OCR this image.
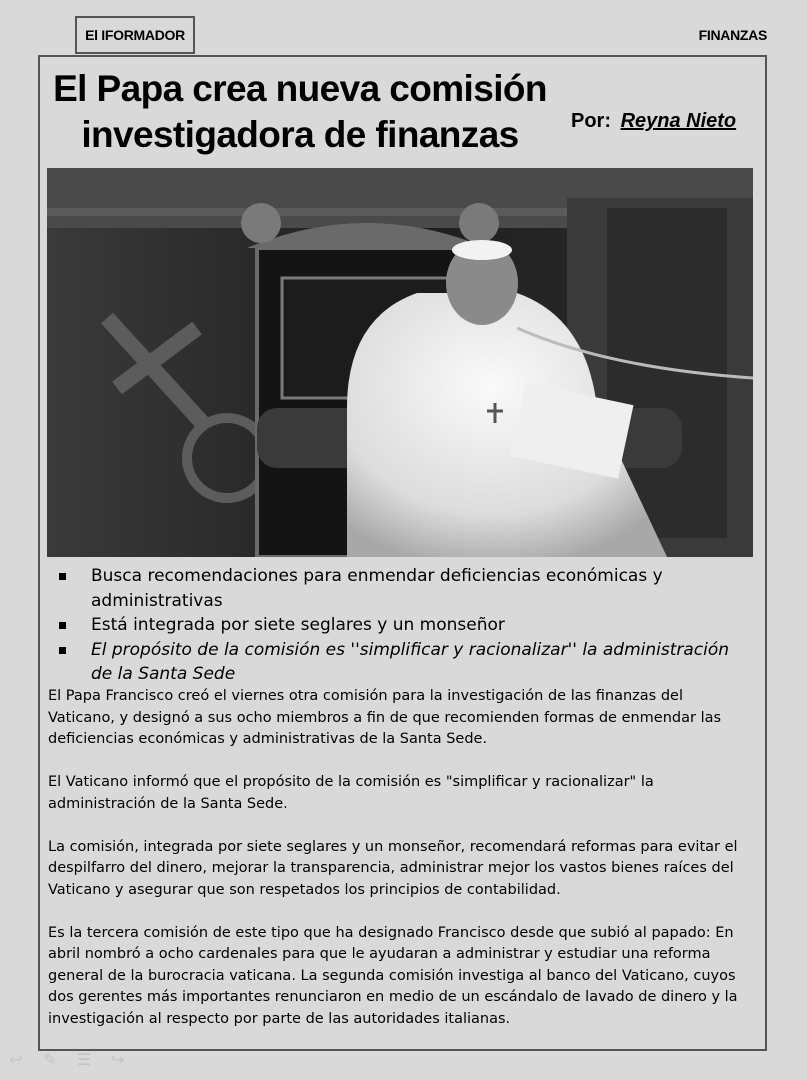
El IFORMADOR	FINANZAS
El Papa crea nueva comisión investigadora de finanzas	Por: Reyna Nieto
Busca recomendaciones para enmendar deficiencias económicas y administrativas
Está integrada por siete seglares y un monseñor
El propósito de la comisión es ''simplificar y racionalizar'' la administración de la Santa Sede

El Papa Francisco creó el viernes otra comisión para la investigación de las finanzas del Vaticano, y designó a sus ocho miembros a fin de que recomienden formas de enmendar las deficiencias económicas y administrativas de la Santa Sede.

El Vaticano informó que el propósito de la comisión es "simplificar y racionalizar" la administración de la Santa Sede.

La comisión, integrada por siete seglares y un monseñor, recomendará reformas para evitar el despilfarro del dinero, mejorar la transparencia, administrar mejor los vastos bienes raíces del Vaticano y asegurar que son respetados los principios de contabilidad.

Es la tercera comisión de este tipo que ha designado Francisco desde que subió al papado: En abril nombró a ocho cardenales para que le ayudaran a administrar y estudiar una reforma general de la burocracia vaticana. La segunda comisión investiga al banco del Vaticano, cuyos dos gerentes más importantes renunciaron en medio de un escándalo de lavado de dinero y la investigación al respecto por parte de las autoridades italianas.

↩ ✎ ☰ ↪
